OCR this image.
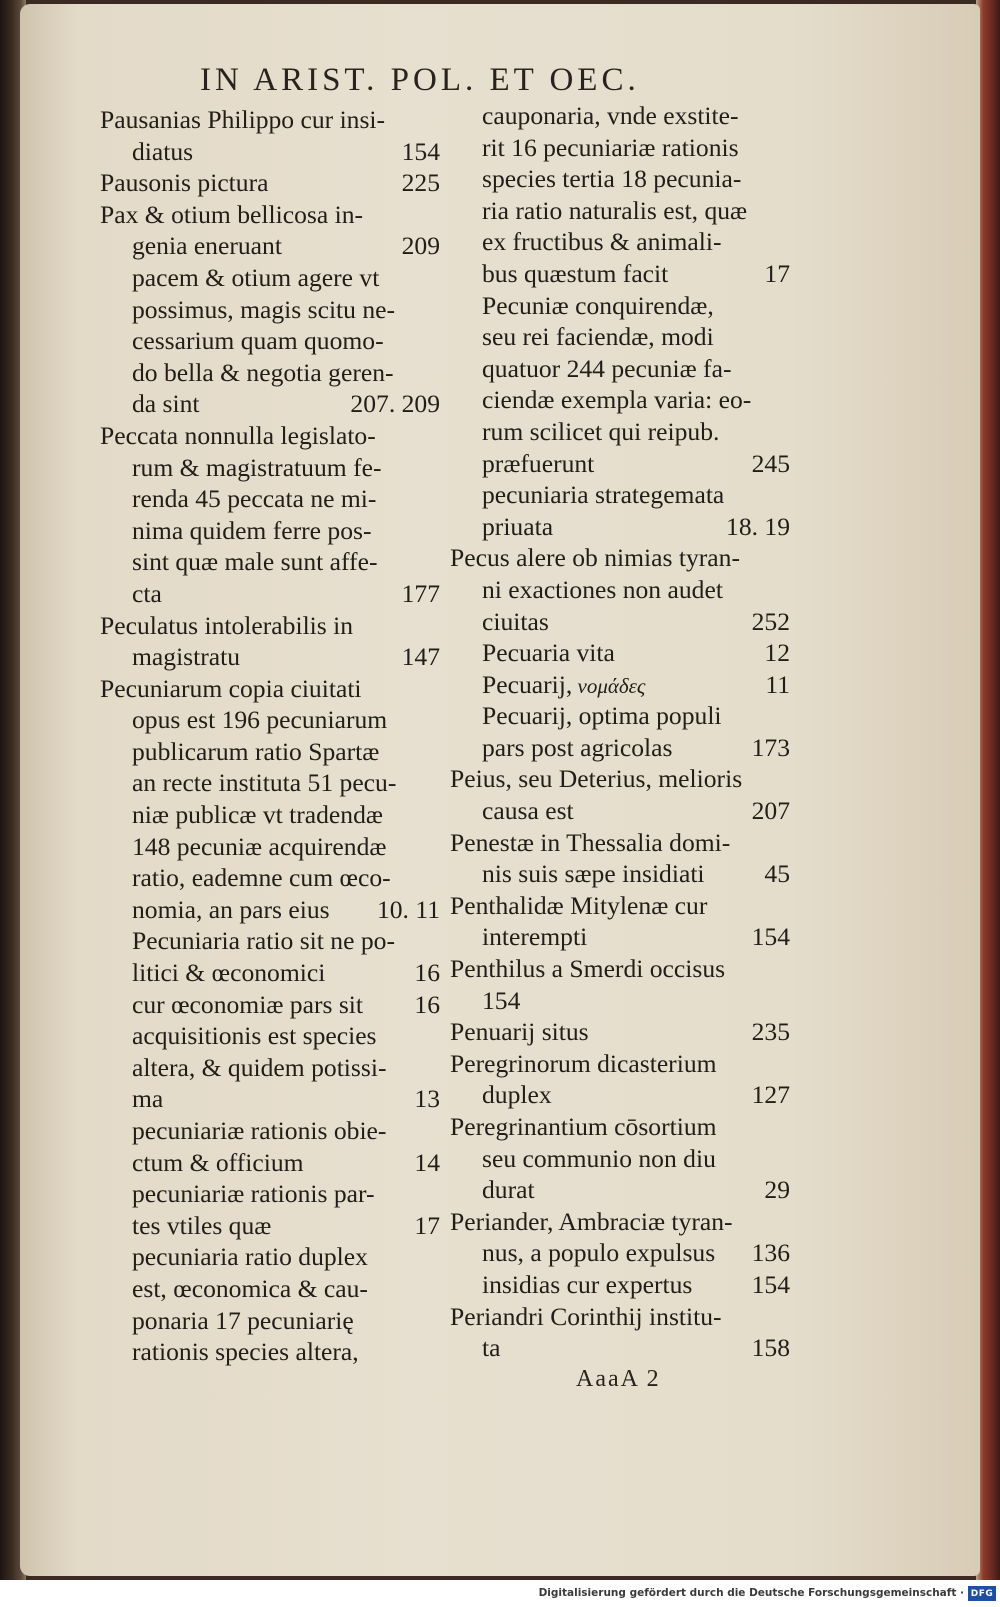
IN ARIST. POL. ET OEC.
Pausanias Philippo cur insi-
diatus	154
Pausonis pictura	225
Pax & otium bellicosa in-
genia eneruant	209
pacem & otium agere vt
possimus, magis scitu ne-
cessarium quam quomo-
do bella & negotia geren-
da sint	207. 209
Peccata nonnulla legislato-
rum & magistratuum fe-
renda 45 peccata ne mi-
nima quidem ferre pos-
sint quæ male sunt affe-
cta	177
Peculatus intolerabilis in
magistratu	147
Pecuniarum copia ciuitati
opus est 196 pecuniarum
publicarum ratio Spartæ
an recte instituta 51 pecu-
niæ publicæ vt tradendæ
148 pecuniæ acquirendæ
ratio, eademne cum œco-
nomia, an pars eius 10. 11
Pecuniaria ratio sit ne po-
litici & œconomici	16
cur œconomiæ pars sit 16
acquisitionis est species
altera, & quidem potissi-
ma	13
pecuniariæ rationis obie-
ctum & officium	14
pecuniariæ rationis par-
tes vtiles quæ	17
pecuniaria ratio duplex
est, œconomica & cau-
ponaria 17 pecuniarię
rationis species altera,
cauponaria, vnde exstite-
rit 16 pecuniariæ rationis
species tertia 18 pecunia-
ria ratio naturalis est, quæ
ex fructibus & animali-
bus quæstum facit	17
Pecuniæ conquirendæ,
seu rei faciendæ, modi
quatuor 244 pecuniæ fa-
ciendæ exempla varia: eo-
rum scilicet qui reipub.
præfuerunt	245
pecuniaria strategemata
priuata	18. 19
Pecus alere ob nimias tyran-
ni exactiones non audet
ciuitas	252
Pecuaria vita	12
Pecuarij, νομάδες	11
Pecuarij, optima populi
pars post agricolas	173
Peius, seu Deterius, melioris
causa est	207
Penestæ in Thessalia domi-
nis suis sæpe insidiati 45
Penthalidæ Mitylenæ cur
interempti	154
Penthilus a Smerdi occisus
154
Penuarij situs	235
Peregrinorum dicasterium
duplex	127
Peregrinantium cōsortium
seu communio non diu
durat	29
Periander, Ambraciæ tyran-
nus, a populo expulsus 136
insidias cur expertus 154
Periandri Corinthij institu-
ta	158
AaaA 2
Digitalisierung gefördert durch die Deutsche Forschungsgemeinschaft · DFG
